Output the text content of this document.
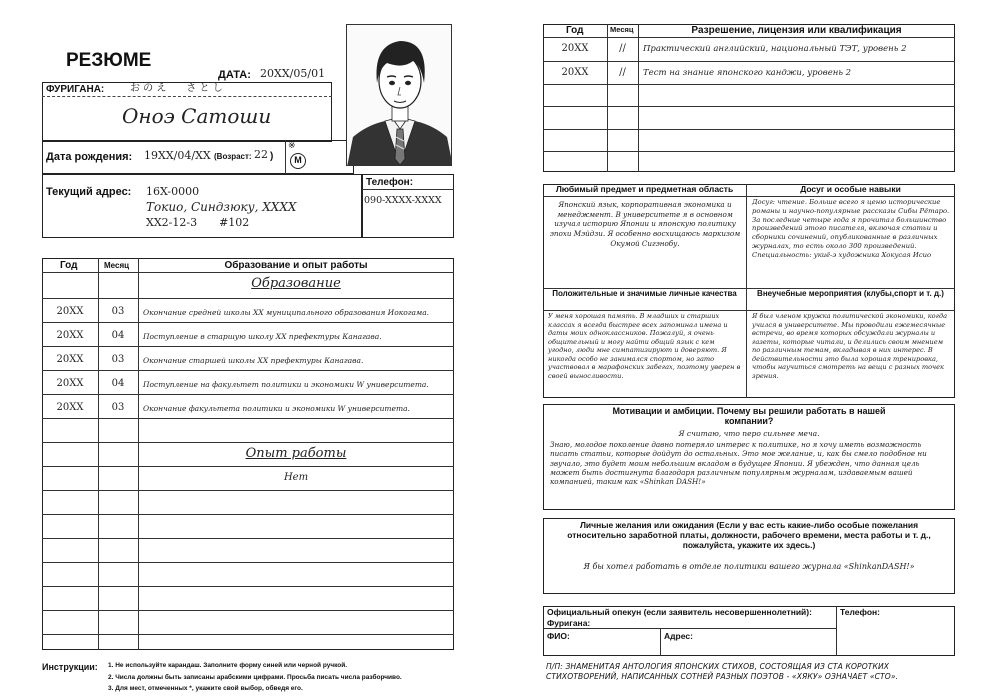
РЕЗЮМЕ
ДАТА: 20XX/05/01
ФУРИГАНА:	お の え　　さ と し
Оноэ Сатоши
Дата рождения: 19XX/04/XX (Возраст: 22 )
※
M
Текущий адрес: 16X-0000
Токио, Синдзюку, XXXX
XX2-12-3　　#102
Телефон:
090-XXXX-XXXX
Год	Месяц	Образование и опыт работы
Образование
20XX	03	Окончание средней школы XX муниципального образования Иокогама.
20XX	04	Поступление в старшую школу XX префектуры Канагава.
20XX	03	Окончание старшей школы XX префектуры Канагава.
20XX	04	Поступление на факультет политики и экономики W университета.
20XX	03	Окончание факультета политики и экономики W университета.
Опыт работы
Нет
Инструкции: 1. Не используйте карандаш. Заполните форму синей или черной ручкой.
2. Числа должны быть записаны арабскими цифрами. Просьба писать числа разборчиво.
3. Для мест, отмеченных *, укажите свой выбор, обведя его.
Год	Месяц	Разрешение, лицензия или квалификация
20XX	//	Практический английский, национальный ТЭТ, уровень 2
20XX	//	Тест на знание японского канджи, уровень 2
Любимый предмет и предметная область
Японский язык, корпоративная экономика и менеджмент. В университете я в основном изучал историю Японии и японскую политику эпохи Мэйдзи. Я особенно восхищаюсь маркизом Окумой Сигэнобу.
Досуг и особые навыки
Досуг: чтение. Больше всего я ценю исторические романы и научно-популярные рассказы Сибы Рётаро. За последние четыре года я прочитал большинство произведений этого писателя, включая статьи и сборники сочинений, опубликованные в различных журналах, то есть около 300 произведений. Специальность: укиё-э художника Хокусая Исио
Положительные и значимые личные качества
У меня хорошая память. В младших и старших классах я всегда быстрее всех запоминал имена и даты моих одноклассников. Пожалуй, я очень общительный и могу найти общий язык с кем угодно, люди мне симпатизируют и доверяют. Я никогда особо не занимался спортом, но зато участвовал в марафонских забегах, поэтому уверен в своей выносливости.
Внеучебные мероприятия (клубы,спорт и т. д.)
Я был членом кружка политической экономики, когда учился в университете. Мы проводили ежемесячные встречи, во время которых обсуждали журналы и газеты, которые читали, и делились своим мнением по различным темам, вкладывая в них интерес. В действительности это была хорошая тренировка, чтобы научиться смотреть на вещи с разных точек зрения.
Мотивации и амбиции. Почему вы решили работать в нашей компании?
Я считаю, что перо сильнее меча.
Знаю, молодое поколение давно потеряло интерес к политике, но я хочу иметь возможность писать статьи, которые дойдут до остальных. Это мое желание, и, как бы смело подобное ни звучало, это будет моим небольшим вкладом в будущее Японии. Я убежден, что данная цель может быть достигнута благодаря различным популярным журналам, издаваемым вашей компанией, таким как «Shinkan DASH!»
Личные желания или ожидания (Если у вас есть какие-либо особые пожелания относительно заработной платы, должности, рабочего времени, места работы и т. д., пожалуйста, укажите их здесь.)
Я бы хотел работать в отделе политики вашего журнала «ShinkanDASH!»
Официальный опекун (если заявитель несовершеннолетний):
Фуригана:
ФИО:	Адрес:
Телефон:
П/П: ЗНАМЕНИТАЯ АНТОЛОГИЯ ЯПОНСКИХ СТИХОВ, СОСТОЯЩАЯ ИЗ СТА КОРОТКИХ СТИХОТВОРЕНИЙ, НАПИСАННЫХ СОТНЕЙ РАЗНЫХ ПОЭТОВ - «ХЯКУ» ОЗНАЧАЕТ «СТО».
